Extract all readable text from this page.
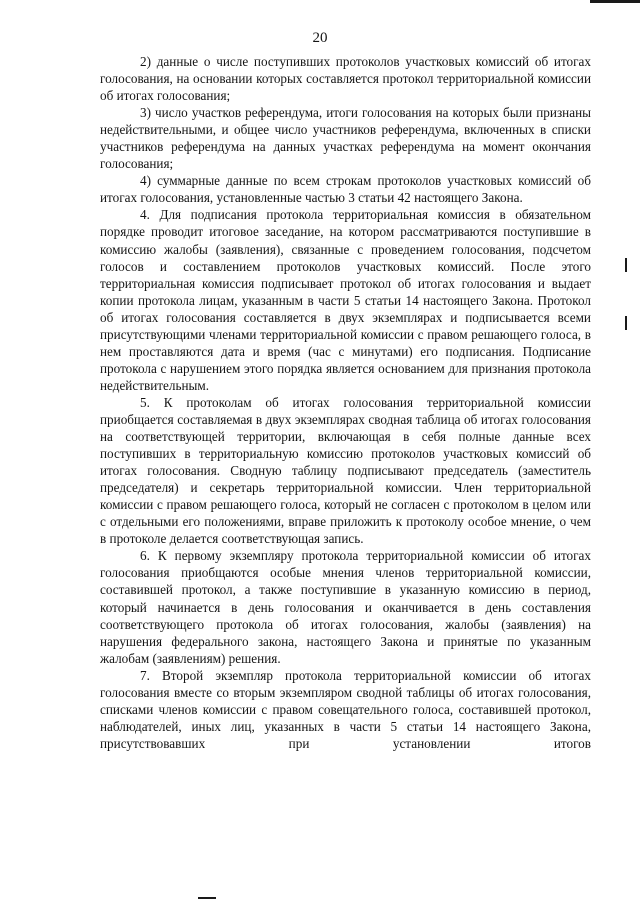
20

2) данные о числе поступивших протоколов участковых комиссий об итогах голосования, на основании которых составляется протокол территориальной комиссии об итогах голосования;

3) число участков референдума, итоги голосования на которых были признаны недействительными, и общее число участников референдума, включенных в списки участников референдума на данных участках референдума на момент окончания голосования;

4) суммарные данные по всем строкам протоколов участковых комиссий об итогах голосования, установленные частью 3 статьи 42 настоящего Закона.

4. Для подписания протокола территориальная комиссия в обязательном порядке проводит итоговое заседание, на котором рассматриваются поступившие в комиссию жалобы (заявления), связанные с проведением голосования, подсчетом голосов и составлением протоколов участковых комиссий. После этого территориальная комиссия подписывает протокол об итогах голосования и выдает копии протокола лицам, указанным в части 5 статьи 14 настоящего Закона. Протокол об итогах голосования составляется в двух экземплярах и подписывается всеми присутствующими членами территориальной комиссии с правом решающего голоса, в нем проставляются дата и время (час с минутами) его подписания. Подписание протокола с нарушением этого порядка является основанием для признания протокола недействительным.

5. К протоколам об итогах голосования территориальной комиссии приобщается составляемая в двух экземплярах сводная таблица об итогах голосования на соответствующей территории, включающая в себя полные данные всех поступивших в территориальную комиссию протоколов участковых комиссий об итогах голосования. Сводную таблицу подписывают председатель (заместитель председателя) и секретарь территориальной комиссии. Член территориальной комиссии с правом решающего голоса, который не согласен с протоколом в целом или с отдельными его положениями, вправе приложить к протоколу особое мнение, о чем в протоколе делается соответствующая запись.

6. К первому экземпляру протокола территориальной комиссии об итогах голосования приобщаются особые мнения членов территориальной комиссии, составившей протокол, а также поступившие в указанную комиссию в период, который начинается в день голосования и оканчивается в день составления соответствующего протокола об итогах голосования, жалобы (заявления) на нарушения федерального закона, настоящего Закона и принятые по указанным жалобам (заявлениям) решения.

7. Второй экземпляр протокола территориальной комиссии об итогах голосования вместе со вторым экземпляром сводной таблицы об итогах голосования, списками членов комиссии с правом совещательного голоса, составившей протокол, наблюдателей, иных лиц, указанных в части 5 статьи 14 настоящего Закона, присутствовавших при установлении итогов
